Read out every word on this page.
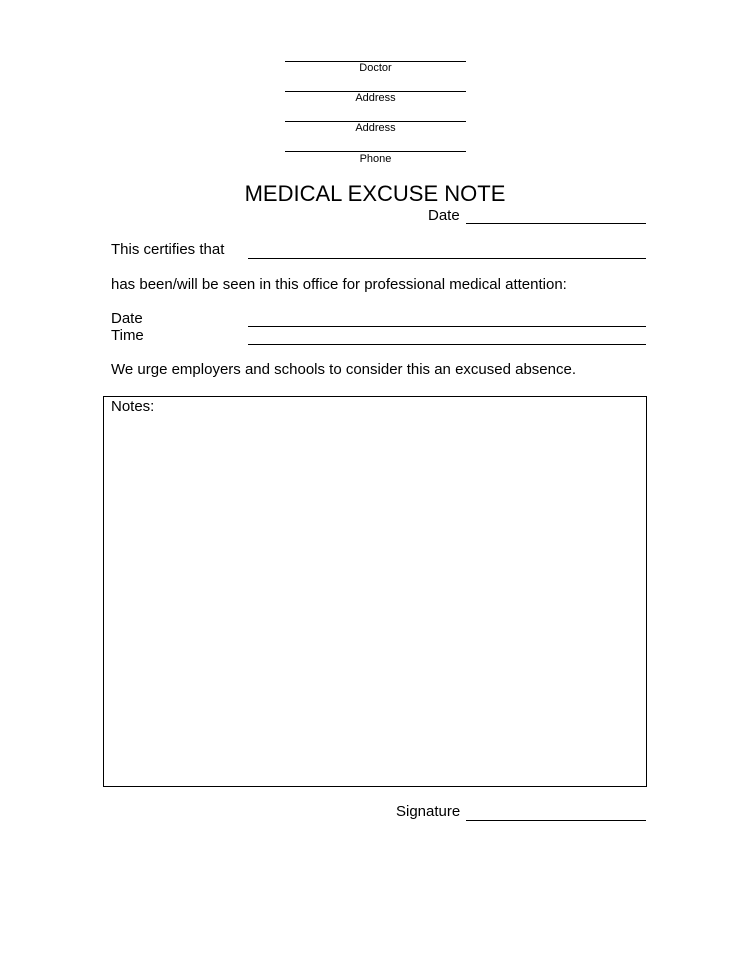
Doctor
Address
Address
Phone
MEDICAL EXCUSE NOTE
Date
This certifies that
has been/will be seen in this office for professional medical attention:
Date
Time
We urge employers and schools to consider this an excused absence.
Notes:
Signature
